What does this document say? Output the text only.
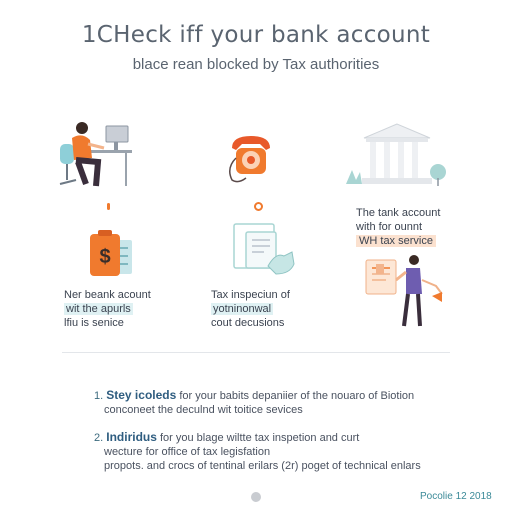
1CHeck iff your bank account
blace rean blocked by Tax authorities
The tank account
with for ounnt
WH tax service
$
Ner beank acount
wit the apurls
lfiu is senice
Tax inspeciun of
yotninonwal
cout decusions
1. Stey icoleds for your babits depaniier of the nouaro of Biotion
conconeet the deculnd wit toitice sevices
2. Indiridus for you blage wiltte tax inspetion and curt
wecture for office of tax legisfation
propots. and crocs of tentinal erilars (2r) poget of technical enlars
Pocolie 12 2018
